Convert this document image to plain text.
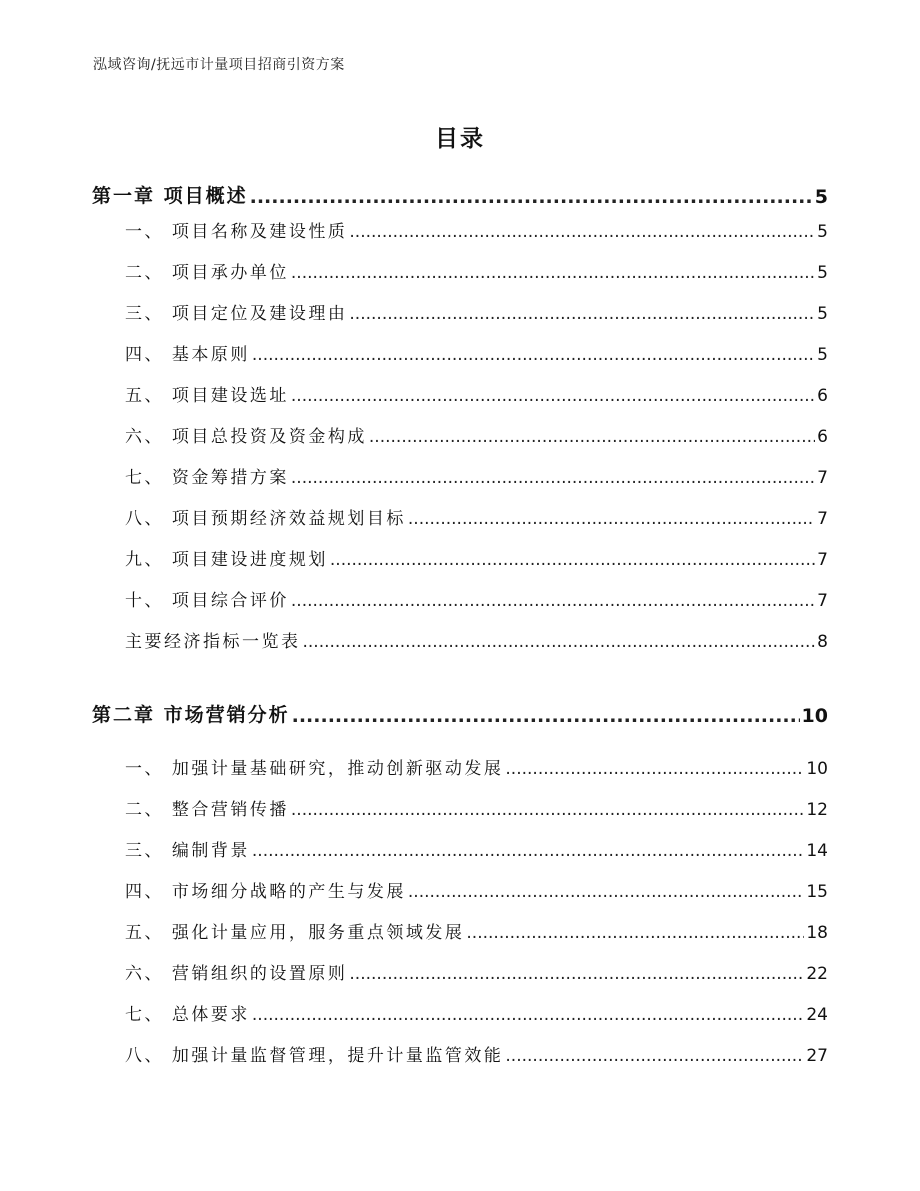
泓域咨询/抚远市计量项目招商引资方案
目录
第一章 项目概述 .....	5
一、 项目名称及建设性质 .....	5
二、 项目承办单位 .....	5
三、 项目定位及建设理由 .....	5
四、 基本原则 .....	5
五、 项目建设选址 .....	6
六、 项目总投资及资金构成 .....	6
七、 资金筹措方案 .....	7
八、 项目预期经济效益规划目标 .....	7
九、 项目建设进度规划 .....	7
十、 项目综合评价 .....	7
主要经济指标一览表 .....	8
第二章 市场营销分析 .....	10
一、 加强计量基础研究，推动创新驱动发展 .....	10
二、 整合营销传播 .....	12
三、 编制背景 .....	14
四、 市场细分战略的产生与发展 .....	15
五、 强化计量应用，服务重点领域发展 .....	18
六、 营销组织的设置原则 .....	22
七、 总体要求 .....	24
八、 加强计量监督管理，提升计量监管效能 .....	27
